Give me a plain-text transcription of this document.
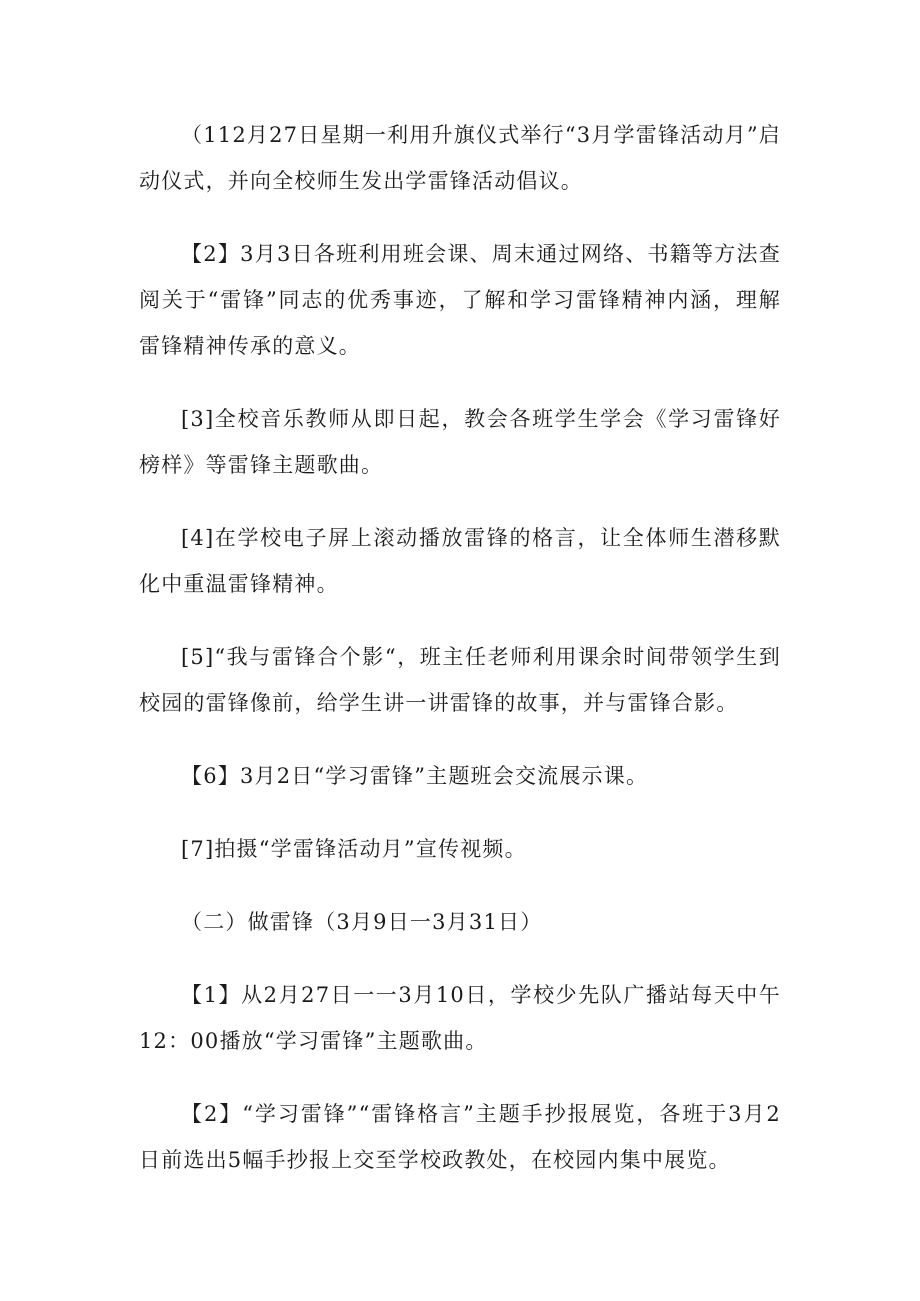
（112月27日星期一利用升旗仪式举行“3月学雷锋活动月”启动仪式，并向全校师生发出学雷锋活动倡议。

【2】3月3日各班利用班会课、周末通过网络、书籍等方法查阅关于“雷锋”同志的优秀事迹，了解和学习雷锋精神内涵，理解雷锋精神传承的意义。

[3]全校音乐教师从即日起，教会各班学生学会《学习雷锋好榜样》等雷锋主题歌曲。

[4]在学校电子屏上滚动播放雷锋的格言，让全体师生潜移默化中重温雷锋精神。

[5]“我与雷锋合个影“，班主任老师利用课余时间带领学生到校园的雷锋像前，给学生讲一讲雷锋的故事，并与雷锋合影。

【6】3月2日“学习雷锋”主题班会交流展示课。

[7]拍摄“学雷锋活动月”宣传视频。

（二）做雷锋（3月9日一3月31日）

【1】从2月27日一一3月10日，学校少先队广播站每天中午12：00播放“学习雷锋”主题歌曲。

【2】“学习雷锋”“雷锋格言”主题手抄报展览，各班于3月2日前选出5幅手抄报上交至学校政教处，在校园内集中展览。
